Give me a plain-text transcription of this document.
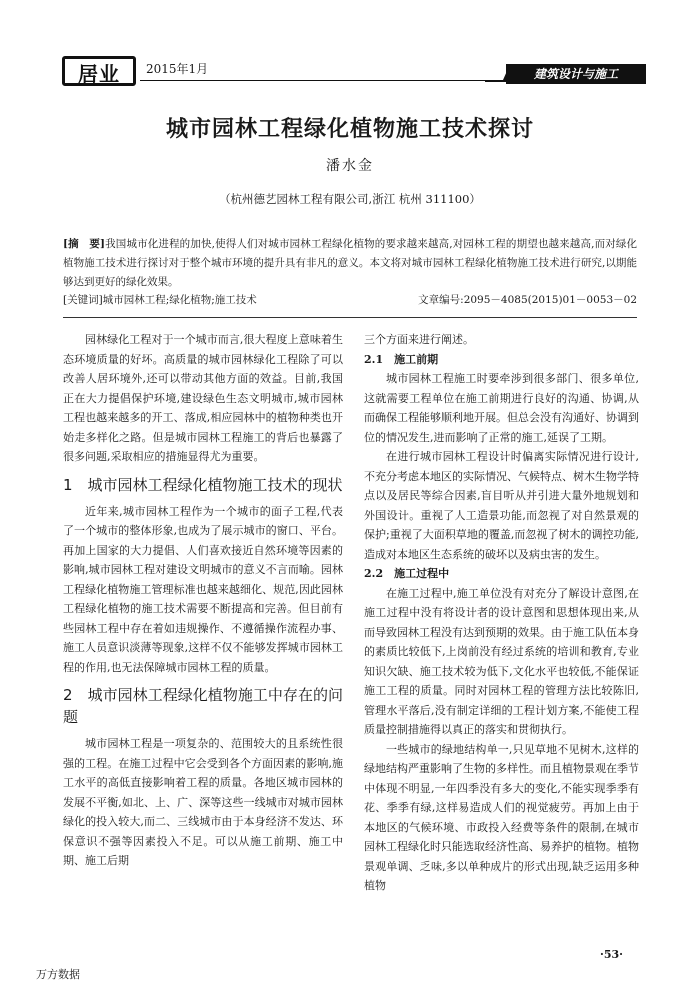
居业	2015年1月	建筑设计与施工
城市园林工程绿化植物施工技术探讨
潘水金
（杭州德艺园林工程有限公司,浙江 杭州 311100）
[摘　要]我国城市化进程的加快,使得人们对城市园林工程绿化植物的要求越来越高,对园林工程的期望也越来越高,而对绿化植物施工技术进行探讨对于整个城市环境的提升具有非凡的意义。本文将对城市园林工程绿化植物施工技术进行研究,以期能够达到更好的绿化效果。
[关键词]城市园林工程;绿化植物;施工技术	文章编号:2095－4085(2015)01－0053－02

园林绿化工程对于一个城市而言,很大程度上意味着生态环境质量的好坏。高质量的城市园林绿化工程除了可以改善人居环境外,还可以带动其他方面的效益。目前,我国正在大力提倡保护环境,建设绿色生态文明城市,城市园林工程也越来越多的开工、落成,相应园林中的植物种类也开始走多样化之路。但是城市园林工程施工的背后也暴露了很多问题,采取相应的措施显得尤为重要。

1　城市园林工程绿化植物施工技术的现状

近年来,城市园林工程作为一个城市的面子工程,代表了一个城市的整体形象,也成为了展示城市的窗口、平台。再加上国家的大力提倡、人们喜欢接近自然环境等因素的影响,城市园林工程对建设文明城市的意义不言而喻。园林工程绿化植物施工管理标准也越来越细化、规范,因此园林工程绿化植物的施工技术需要不断提高和完善。但目前有些园林工程中存在着如违规操作、不遵循操作流程办事、施工人员意识淡薄等现象,这样不仅不能够发挥城市园林工程的作用,也无法保障城市园林工程的质量。

2　城市园林工程绿化植物施工中存在的问题

城市园林工程是一项复杂的、范围较大的且系统性很强的工程。在施工过程中它会受到各个方面因素的影响,施工水平的高低直接影响着工程的质量。各地区城市园林的发展不平衡,如北、上、广、深等这些一线城市对城市园林绿化的投入较大,而二、三线城市由于本身经济不发达、环保意识不强等因素投入不足。可以从施工前期、施工中期、施工后期

三个方面来进行阐述。

2.1　施工前期

城市园林工程施工时要牵涉到很多部门、很多单位,这就需要工程单位在施工前期进行良好的沟通、协调,从而确保工程能够顺利地开展。但总会没有沟通好、协调到位的情况发生,进而影响了正常的施工,延误了工期。

在进行城市园林工程设计时偏离实际情况进行设计,不充分考虑本地区的实际情况、气候特点、树木生物学特点以及居民等综合因素,盲目听从并引进大量外地规划和外国设计。重视了人工造景功能,而忽视了对自然景观的保护;重视了大面积草地的覆盖,而忽视了树木的调控功能,造成对本地区生态系统的破坏以及病虫害的发生。

2.2　施工过程中

在施工过程中,施工单位没有对充分了解设计意图,在施工过程中没有将设计者的设计意图和思想体现出来,从而导致园林工程没有达到预期的效果。由于施工队伍本身的素质比较低下,上岗前没有经过系统的培训和教育,专业知识欠缺、施工技术较为低下,文化水平也较低,不能保证施工工程的质量。同时对园林工程的管理方法比较陈旧,管理水平落后,没有制定详细的工程计划方案,不能使工程质量控制措施得以真正的落实和贯彻执行。

一些城市的绿地结构单一,只见草地不见树木,这样的绿地结构严重影响了生物的多样性。而且植物景观在季节中体现不明显,一年四季没有多大的变化,不能实现季季有花、季季有绿,这样易造成人们的视觉疲劳。再加上由于本地区的气候环境、市政投入经费等条件的限制,在城市园林工程绿化时只能选取经济性高、易养护的植物。植物景观单调、乏味,多以单种成片的形式出现,缺乏运用多种植物

·53·
万方数据
